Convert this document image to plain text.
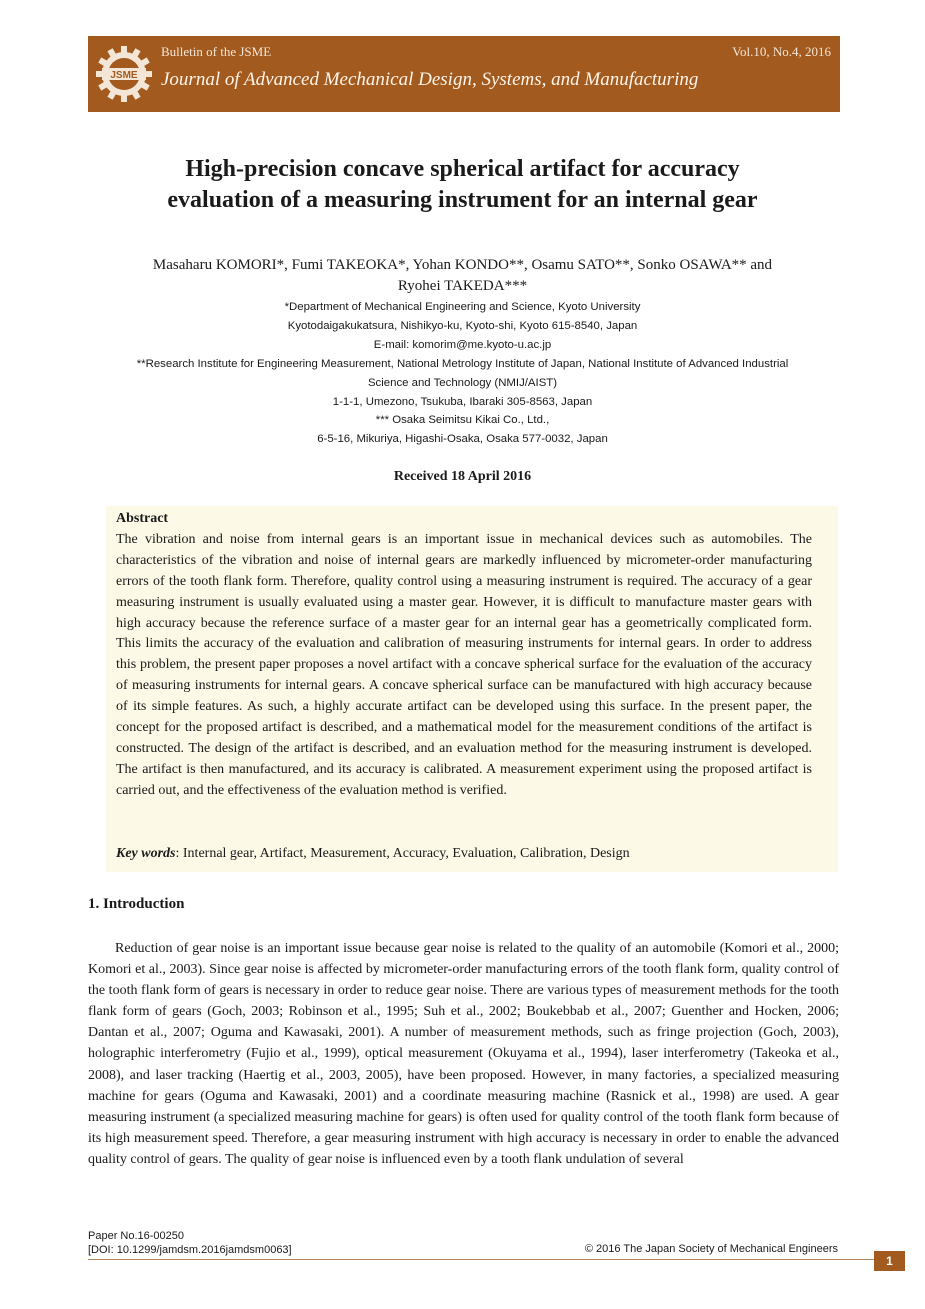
JSME
Bulletin of the JSME	Vol.10, No.4, 2016
Journal of Advanced Mechanical Design, Systems, and Manufacturing
High-precision concave spherical artifact for accuracy
evaluation of a measuring instrument for an internal gear
Masaharu KOMORI*, Fumi TAKEOKA*, Yohan KONDO**, Osamu SATO**, Sonko OSAWA** and
Ryohei TAKEDA***
*Department of Mechanical Engineering and Science, Kyoto University
Kyotodaigakukatsura, Nishikyo-ku, Kyoto-shi, Kyoto 615-8540, Japan
E-mail: komorim@me.kyoto-u.ac.jp
**Research Institute for Engineering Measurement, National Metrology Institute of Japan, National Institute of Advanced Industrial
Science and Technology (NMIJ/AIST)
1-1-1, Umezono, Tsukuba, Ibaraki 305-8563, Japan
*** Osaka Seimitsu Kikai Co., Ltd.,
6-5-16, Mikuriya, Higashi-Osaka, Osaka 577-0032, Japan
Received 18 April 2016
Abstract
The vibration and noise from internal gears is an important issue in mechanical devices such as automobiles. The characteristics of the vibration and noise of internal gears are markedly influenced by micrometer-order manufacturing errors of the tooth flank form. Therefore, quality control using a measuring instrument is required. The accuracy of a gear measuring instrument is usually evaluated using a master gear. However, it is difficult to manufacture master gears with high accuracy because the reference surface of a master gear for an internal gear has a geometrically complicated form. This limits the accuracy of the evaluation and calibration of measuring instruments for internal gears. In order to address this problem, the present paper proposes a novel artifact with a concave spherical surface for the evaluation of the accuracy of measuring instruments for internal gears. A concave spherical surface can be manufactured with high accuracy because of its simple features. As such, a highly accurate artifact can be developed using this surface. In the present paper, the concept for the proposed artifact is described, and a mathematical model for the measurement conditions of the artifact is constructed. The design of the artifact is described, and an evaluation method for the measuring instrument is developed. The artifact is then manufactured, and its accuracy is calibrated. A measurement experiment using the proposed artifact is carried out, and the effectiveness of the evaluation method is verified.
Key words: Internal gear, Artifact, Measurement, Accuracy, Evaluation, Calibration, Design
1. Introduction
Reduction of gear noise is an important issue because gear noise is related to the quality of an automobile (Komori et al., 2000; Komori et al., 2003). Since gear noise is affected by micrometer-order manufacturing errors of the tooth flank form, quality control of the tooth flank form of gears is necessary in order to reduce gear noise. There are various types of measurement methods for the tooth flank form of gears (Goch, 2003; Robinson et al., 1995; Suh et al., 2002; Boukebbab et al., 2007; Guenther and Hocken, 2006; Dantan et al., 2007; Oguma and Kawasaki, 2001). A number of measurement methods, such as fringe projection (Goch, 2003), holographic interferometry (Fujio et al., 1999), optical measurement (Okuyama et al., 1994), laser interferometry (Takeoka et al., 2008), and laser tracking (Haertig et al., 2003, 2005), have been proposed. However, in many factories, a specialized measuring machine for gears (Oguma and Kawasaki, 2001) and a coordinate measuring machine (Rasnick et al., 1998) are used. A gear measuring instrument (a specialized measuring machine for gears) is often used for quality control of the tooth flank form because of its high measurement speed. Therefore, a gear measuring instrument with high accuracy is necessary in order to enable the advanced quality control of gears. The quality of gear noise is influenced even by a tooth flank undulation of several
Paper No.16-00250
[DOI: 10.1299/jamdsm.2016jamdsm0063]	© 2016 The Japan Society of Mechanical Engineers
1
